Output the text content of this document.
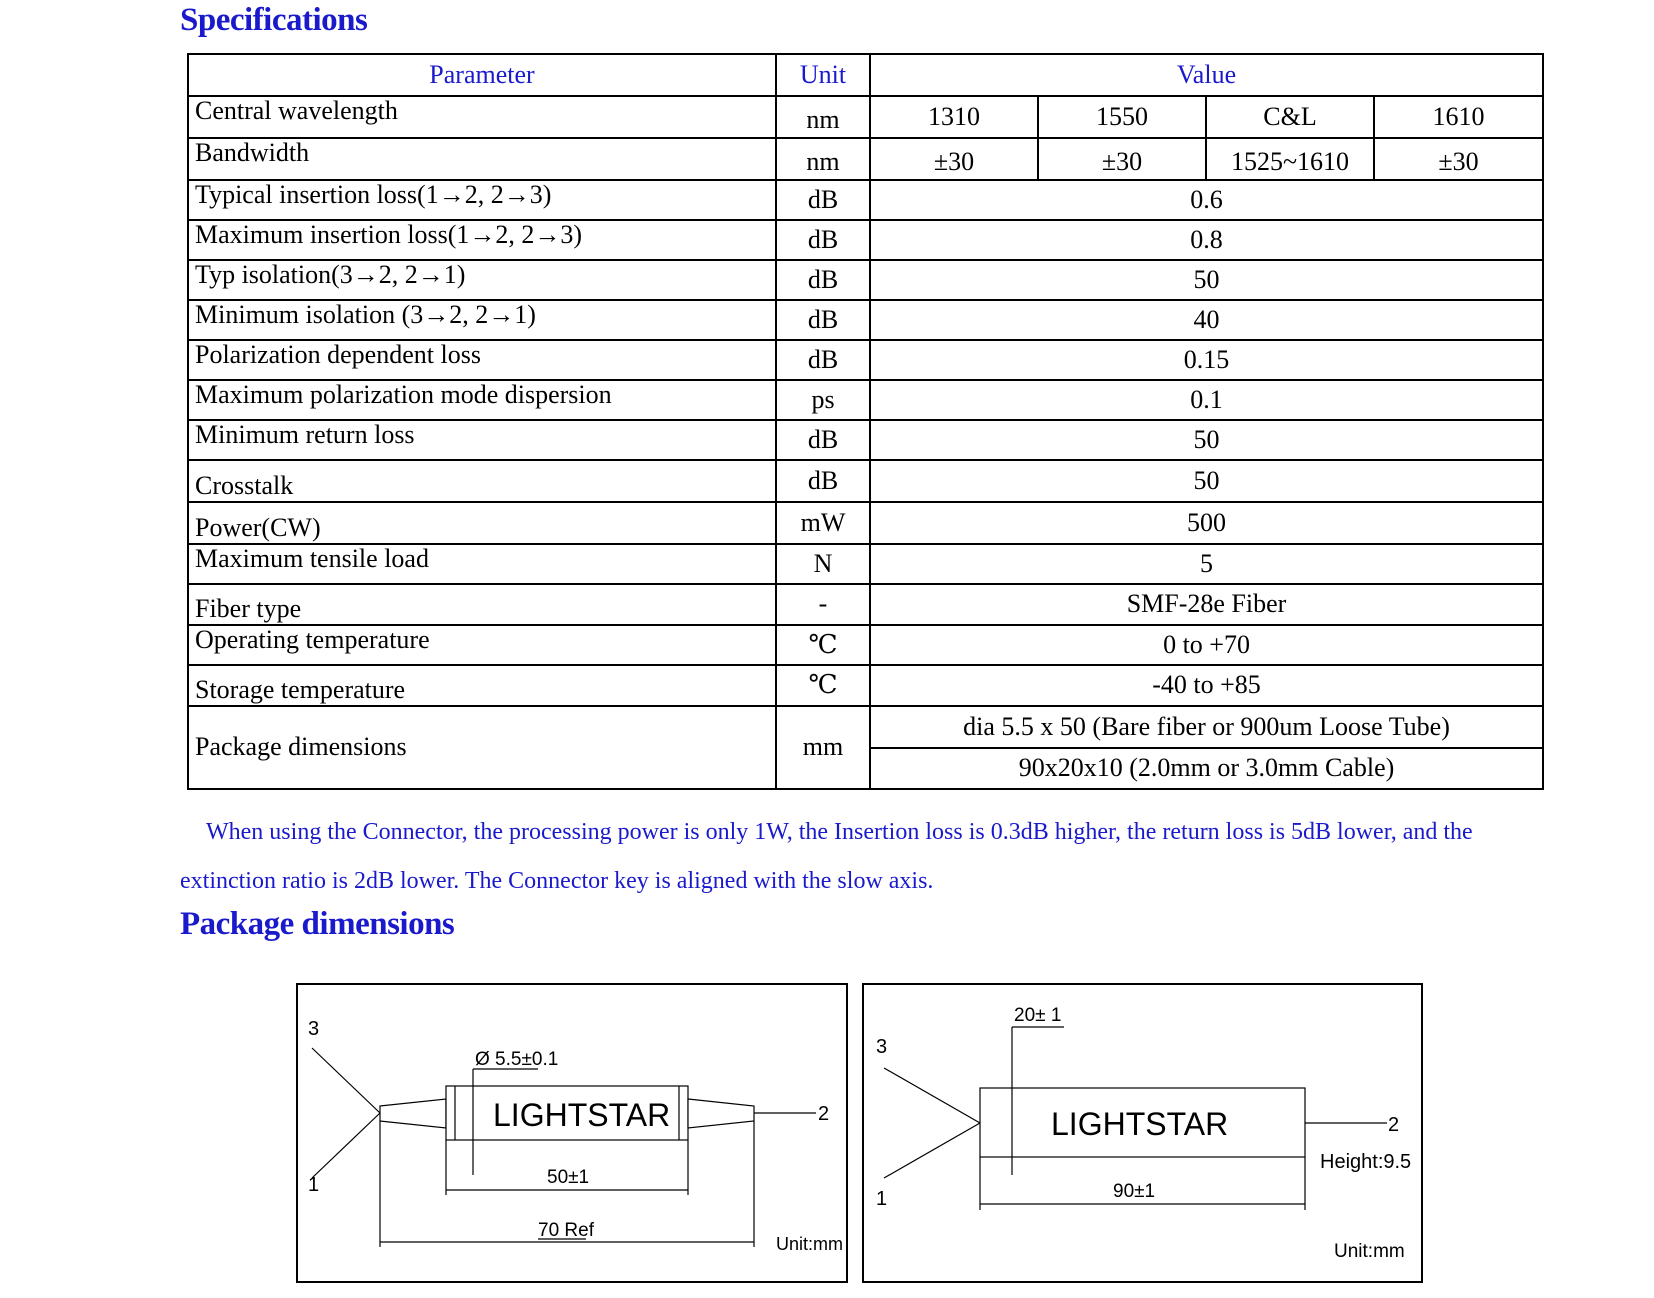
Specifications
Parameter	Unit	Value			
Central wavelength	nm	1310	1550	C&L	1610
Bandwidth	nm	±30	±30	1525~1610	±30
Typical insertion loss(1→2, 2→3)	dB	0.6			
Maximum insertion loss(1→2, 2→3)	dB	0.8			
Typ isolation(3→2, 2→1)	dB	50			
Minimum isolation (3→2, 2→1)	dB	40			
Polarization dependent loss	dB	0.15			
Maximum polarization mode dispersion	ps	0.1			
Minimum return loss	dB	50			
Crosstalk	dB	50			
Power(CW)	mW	500			
Maximum tensile load	N	5			
Fiber type	-	SMF-28e Fiber			
Operating temperature	℃	0 to +70			
Storage temperature	℃	-40 to +85			
Package dimensions	mm	dia 5.5 x 50 (Bare fiber or 900um Loose Tube)			
		90x20x10 (2.0mm or 3.0mm Cable)			

When using the Connector, the processing power is only 1W, the Insertion loss is 0.3dB higher, the return loss is 5dB lower, and the extinction ratio is 2dB lower. The Connector key is aligned with the slow axis.

Package dimensions
3
1
2
Ø 5.5±0.1
LIGHTSTAR
50±1
70 Ref
Unit:mm
3
1
2
20± 1
LIGHTSTAR
90±1
Height:9.5
Unit:mm
